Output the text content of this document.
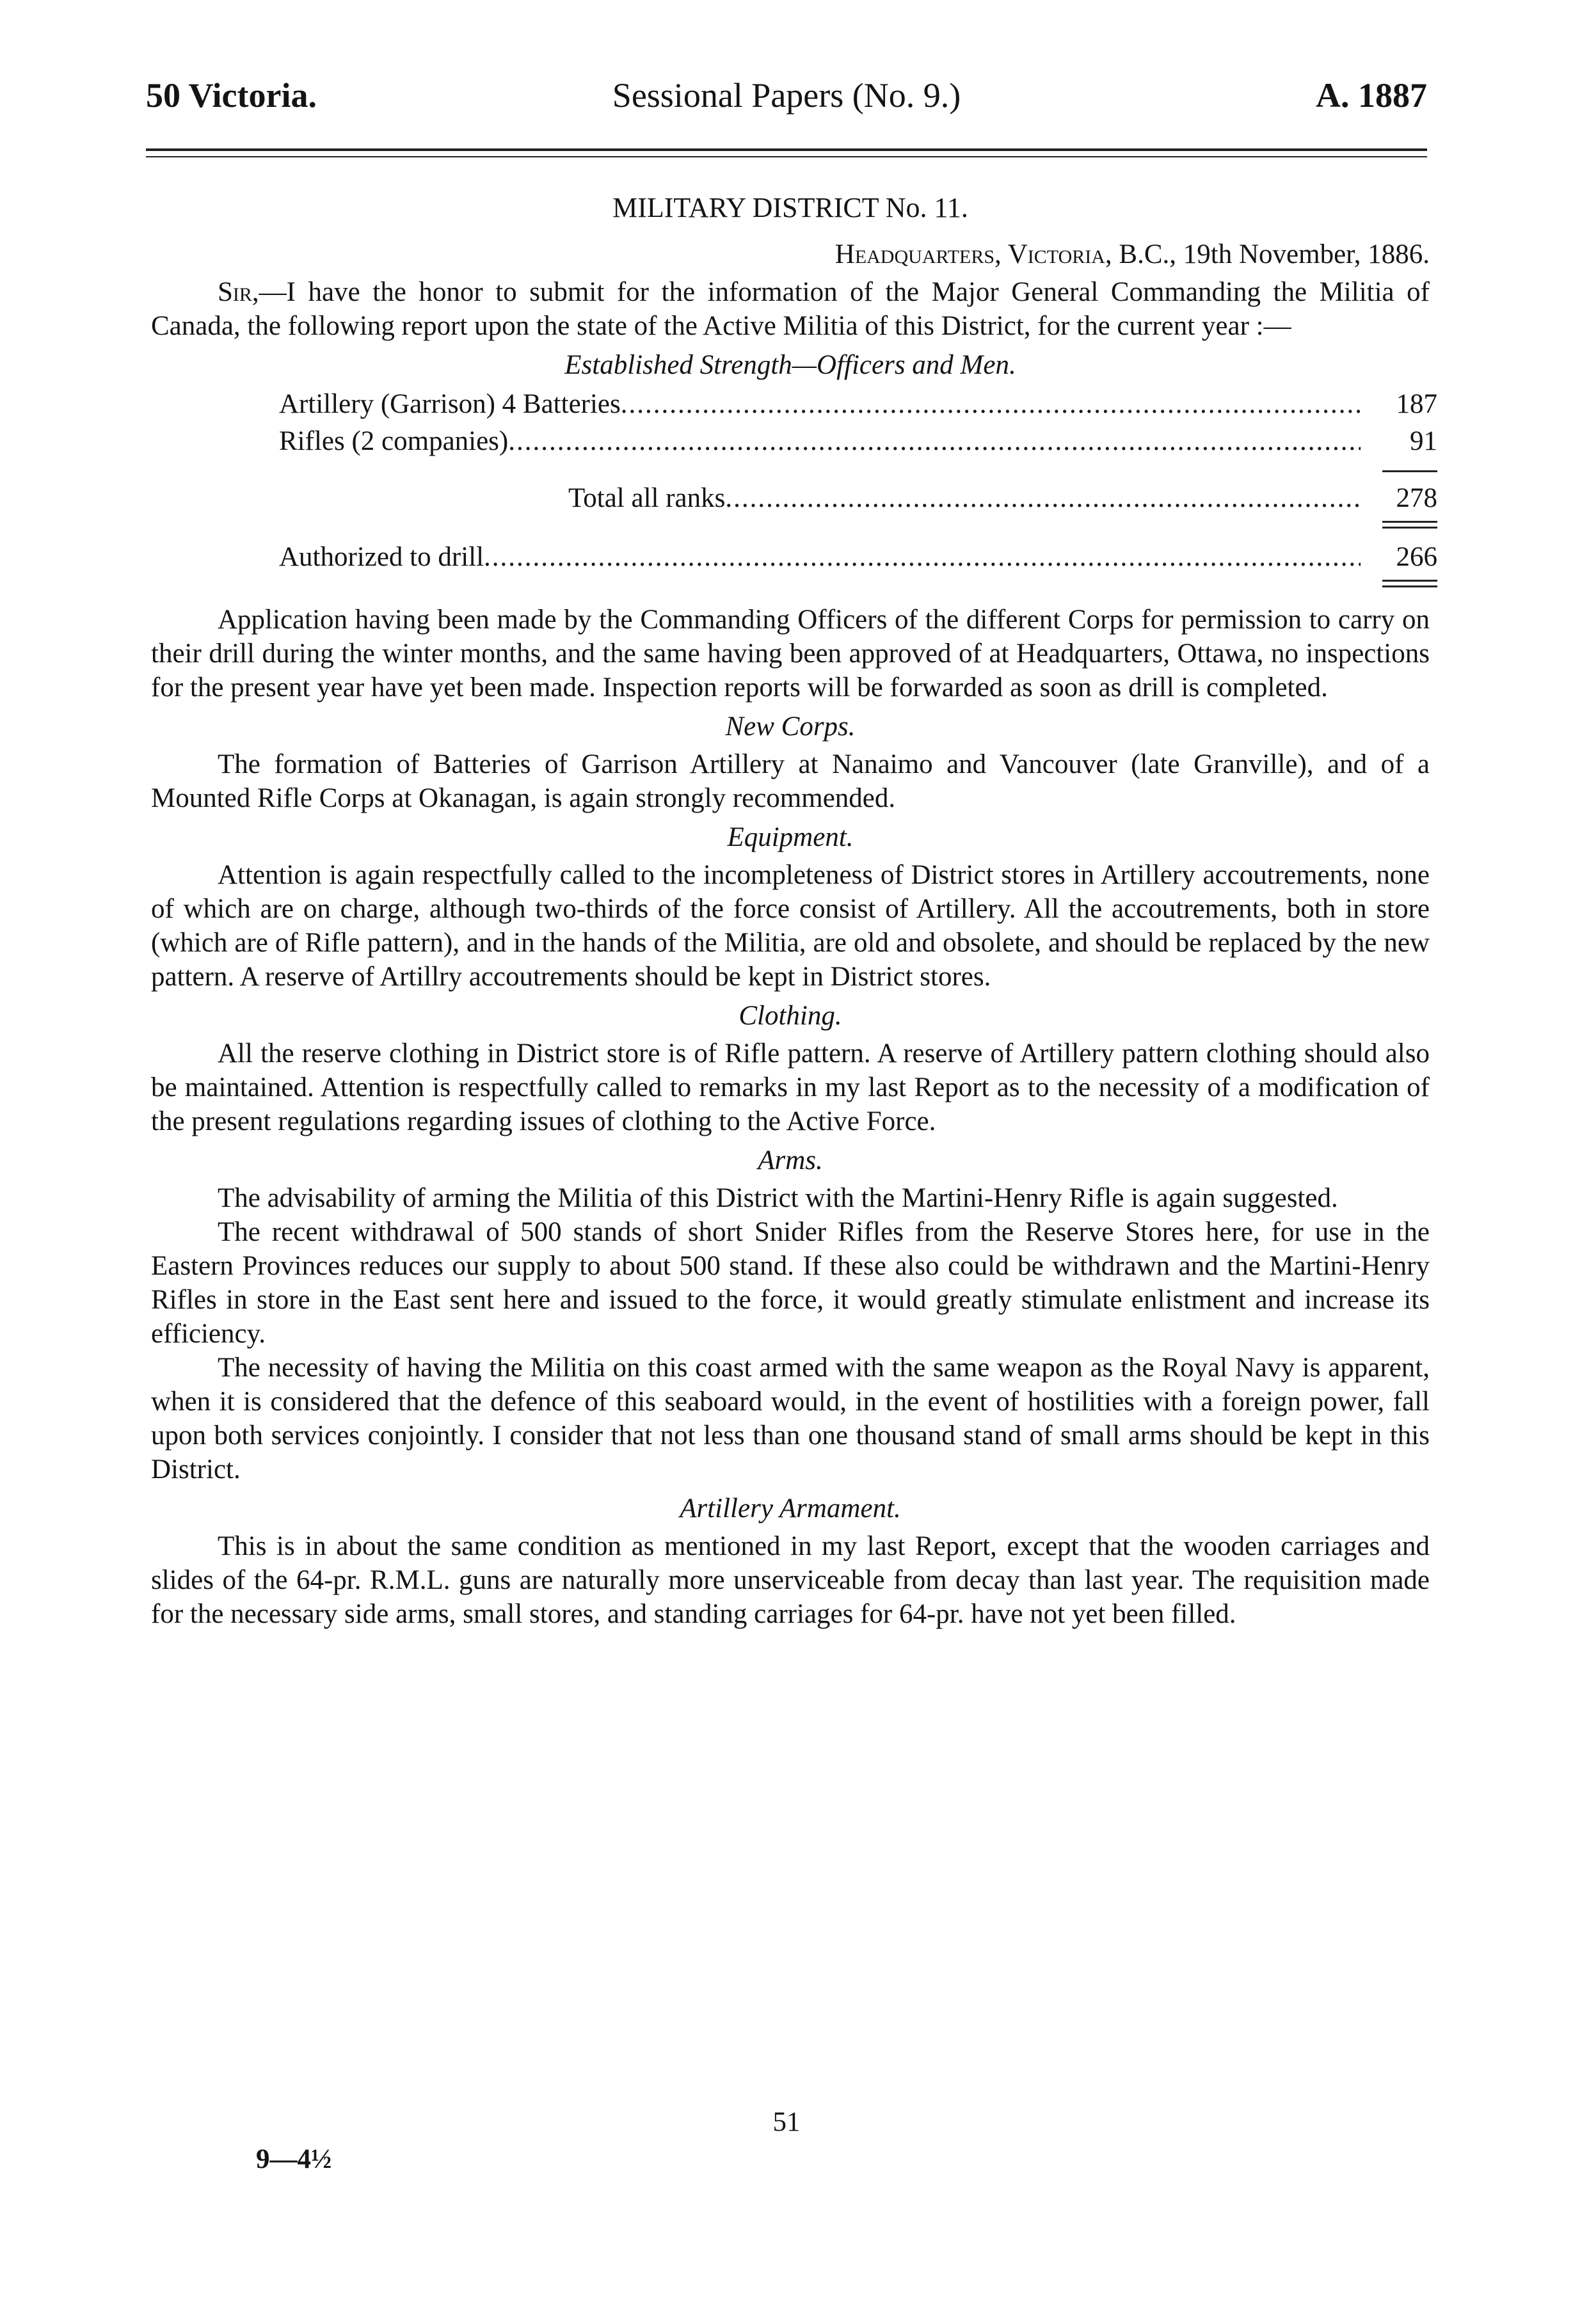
50 Victoria.	Sessional Papers (No. 9.)	A. 1887
MILITARY DISTRICT No. 11.
Headquarters, Victoria, B.C., 19th November, 1886.

Sir,—I have the honor to submit for the information of the Major General Commanding the Militia of Canada, the following report upon the state of the Active Militia of this District, for the current year :—

Established Strength—Officers and Men.
Artillery (Garrison) 4 Batteries .....	187
Rifles (2 companies) .....	91
Total all ranks .....	278
Authorized to drill .....	266

Application having been made by the Commanding Officers of the different Corps for permission to carry on their drill during the winter months, and the same having been approved of at Headquarters, Ottawa, no inspections for the present year have yet been made. Inspection reports will be forwarded as soon as drill is completed.

New Corps.

The formation of Batteries of Garrison Artillery at Nanaimo and Vancouver (late Granville), and of a Mounted Rifle Corps at Okanagan, is again strongly recommended.

Equipment.

Attention is again respectfully called to the incompleteness of District stores in Artillery accoutrements, none of which are on charge, although two-thirds of the force consist of Artillery. All the accoutrements, both in store (which are of Rifle pattern), and in the hands of the Militia, are old and obsolete, and should be replaced by the new pattern. A reserve of Artillry accoutrements should be kept in District stores.

Clothing.

All the reserve clothing in District store is of Rifle pattern. A reserve of Artillery pattern clothing should also be maintained. Attention is respectfully called to remarks in my last Report as to the necessity of a modification of the present regulations regarding issues of clothing to the Active Force.

Arms.

The advisability of arming the Militia of this District with the Martini-Henry Rifle is again suggested.

The recent withdrawal of 500 stands of short Snider Rifles from the Reserve Stores here, for use in the Eastern Provinces reduces our supply to about 500 stand. If these also could be withdrawn and the Martini-Henry Rifles in store in the East sent here and issued to the force, it would greatly stimulate enlistment and increase its efficiency.

The necessity of having the Militia on this coast armed with the same weapon as the Royal Navy is apparent, when it is considered that the defence of this seaboard would, in the event of hostilities with a foreign power, fall upon both services conjointly. I consider that not less than one thousand stand of small arms should be kept in this District.

Artillery Armament.

This is in about the same condition as mentioned in my last Report, except that the wooden carriages and slides of the 64-pr. R.M.L. guns are naturally more unserviceable from decay than last year. The requisition made for the necessary side arms, small stores, and standing carriages for 64-pr. have not yet been filled.

51
9—4½
